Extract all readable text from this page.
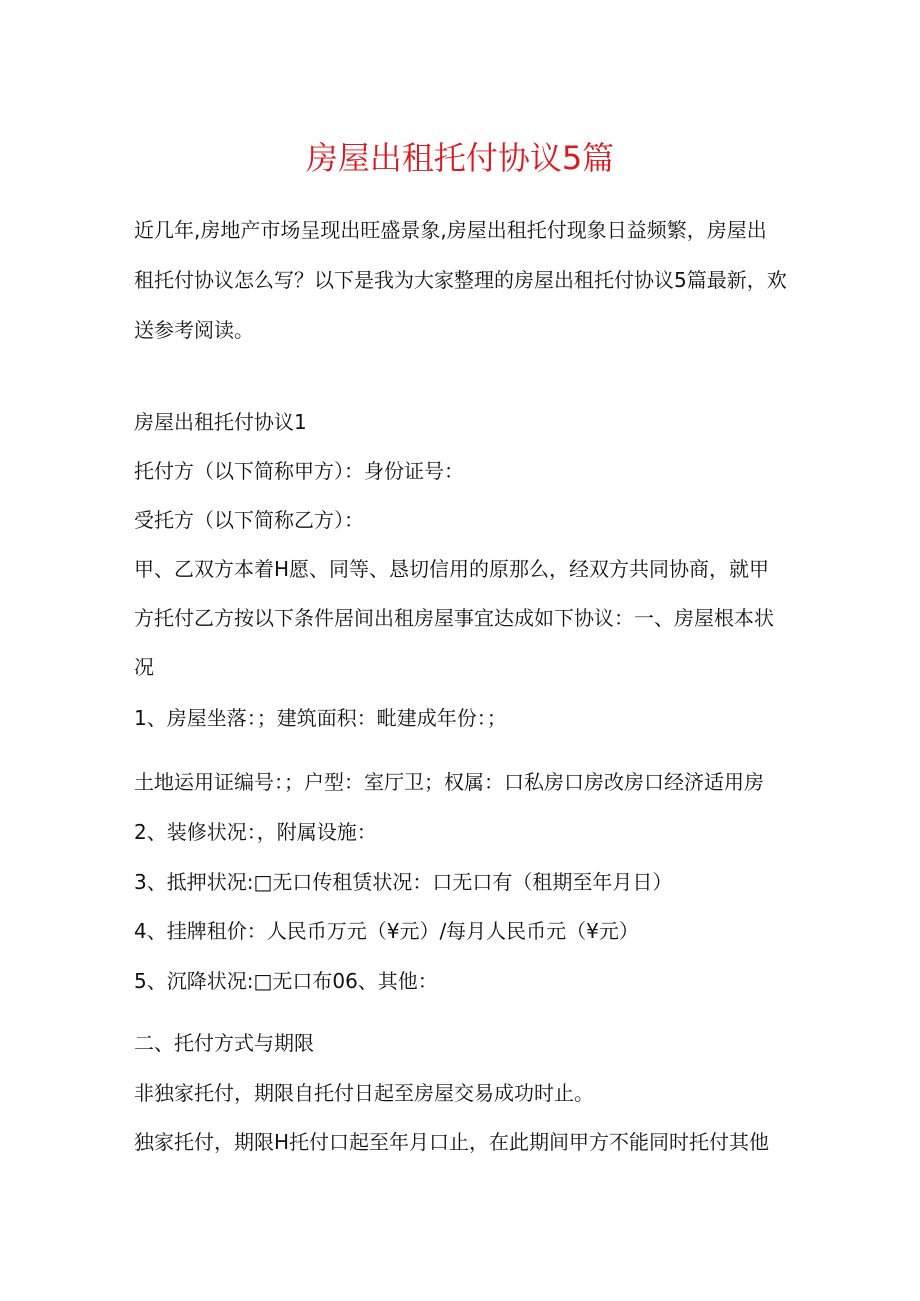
房屋出租托付协议5篇

近几年,房地产市场呈现出旺盛景象,房屋出租托付现象日益频繁，房屋出

租托付协议怎么写？以下是我为大家整理的房屋出租托付协议5篇最新，欢

送参考阅读。

房屋出租托付协议1

托付方（以下简称甲方）：身份证号：

受托方（以下简称乙方）：

甲、乙双方本着H愿、同等、恳切信用的原那么，经双方共同协商，就甲

方托付乙方按以下条件居间出租房屋事宜达成如下协议：一、房屋根本状

况

1、房屋坐落：；建筑面积：毗建成年份：；

土地运用证编号：；户型：室厅卫；权属：口私房口房改房口经济适用房

2、装修状况：，附属设施：

3、抵押状况:□无口传租赁状况：口无口有（租期至年月日）

4、挂牌租价：人民币万元（¥元）/每月人民币元（¥元）

5、沉降状况:□无口布06、其他：

二、托付方式与期限

非独家托付，期限自托付日起至房屋交易成功时止。

独家托付，期限H托付口起至年月口止，在此期间甲方不能同时托付其他
